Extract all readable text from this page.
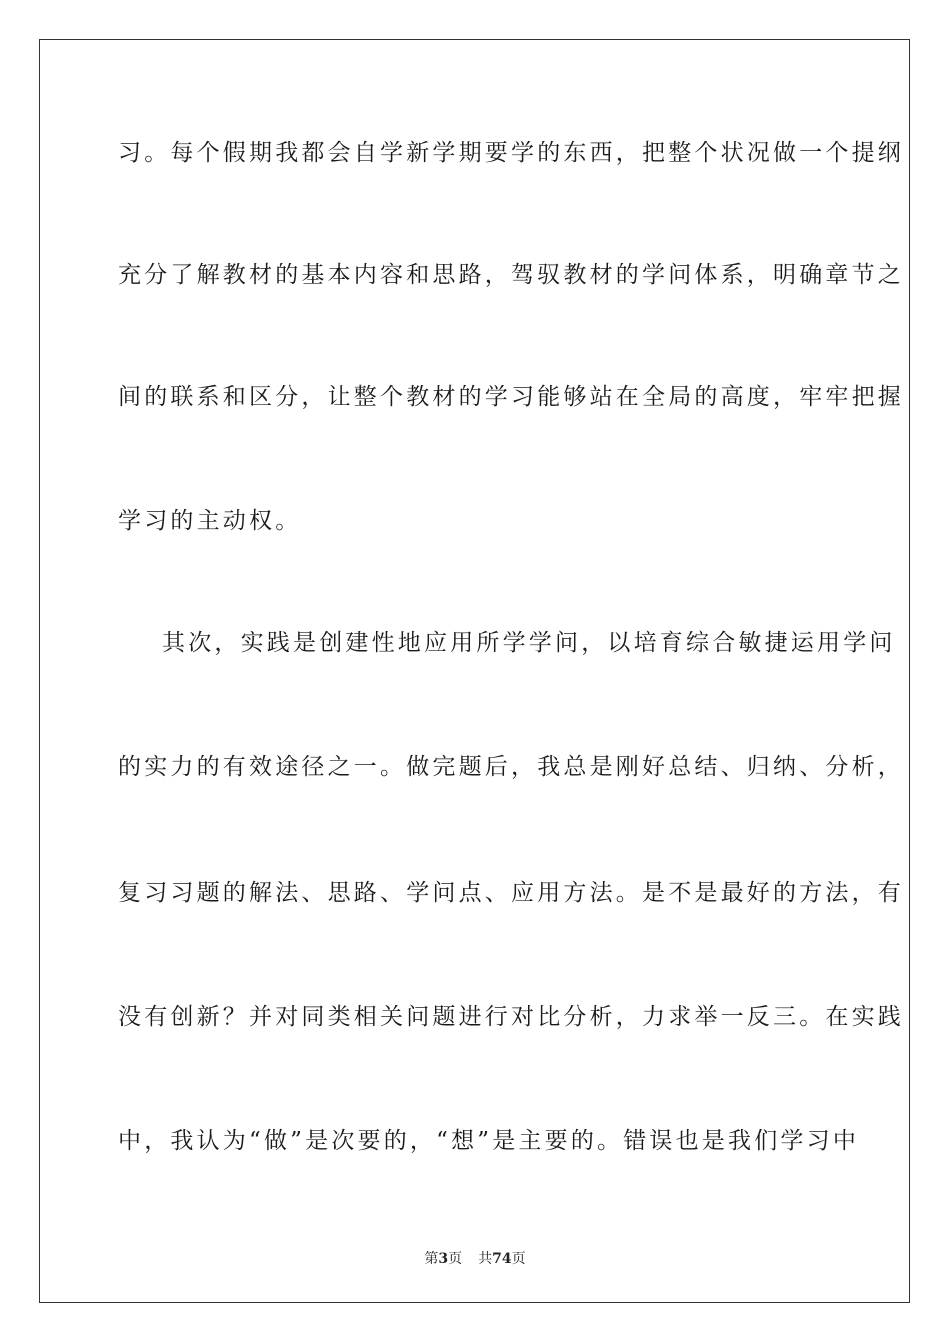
习。每个假期我都会自学新学期要学的东西，把整个状况做一个提纲
充分了解教材的基本内容和思路，驾驭教材的学问体系，明确章节之
间的联系和区分，让整个教材的学习能够站在全局的高度，牢牢把握
学习的主动权。
其次，实践是创建性地应用所学学问，以培育综合敏捷运用学问
的实力的有效途径之一。做完题后，我总是刚好总结、归纳、分析，
复习习题的解法、思路、学问点、应用方法。是不是最好的方法，有
没有创新？并对同类相关问题进行对比分析，力求举一反三。在实践
中，我认为“做”是次要的，“想”是主要的。错误也是我们学习中
第3页 共74页
